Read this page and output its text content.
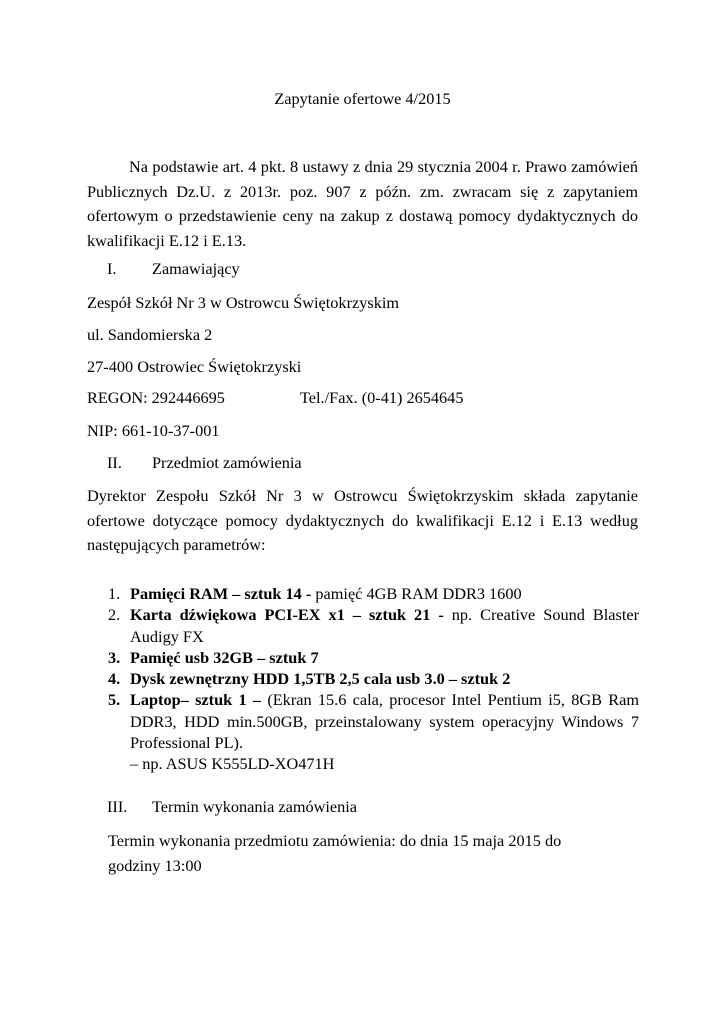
Zapytanie ofertowe 4/2015

Na podstawie art. 4 pkt. 8 ustawy z dnia 29 stycznia 2004 r. Prawo zamówień Publicznych Dz.U. z 2013r. poz. 907 z późn. zm. zwracam się z zapytaniem ofertowym o przedstawienie ceny na zakup z dostawą pomocy dydaktycznych do kwalifikacji E.12 i E.13.

I. Zamawiający
Zespół Szkół Nr 3 w Ostrowcu Świętokrzyskim
ul. Sandomierska 2
27-400 Ostrowiec Świętokrzyski
REGON: 292446695	Tel./Fax. (0-41) 2654645
NIP: 661-10-37-001
II. Przedmiot zamówienia

Dyrektor Zespołu Szkół Nr 3 w Ostrowcu Świętokrzyskim składa zapytanie ofertowe dotyczące pomocy dydaktycznych do kwalifikacji E.12 i E.13 według następujących parametrów:

1. Pamięci RAM – sztuk 14 - pamięć 4GB RAM DDR3 1600
2. Karta dźwiękowa PCI-EX x1 – sztuk 21 - np. Creative Sound Blaster Audigy FX
3. Pamięć usb 32GB – sztuk 7
4. Dysk zewnętrzny HDD 1,5TB 2,5 cala usb 3.0 – sztuk 2
5. Laptop– sztuk 1 – (Ekran 15.6 cala, procesor Intel Pentium i5, 8GB Ram DDR3, HDD min.500GB, przeinstalowany system operacyjny Windows 7 Professional PL).
– np. ASUS K555LD-XO471H
III. Termin wykonania zamówienia

Termin wykonania przedmiotu zamówienia: do dnia 15 maja 2015 do godziny 13:00
